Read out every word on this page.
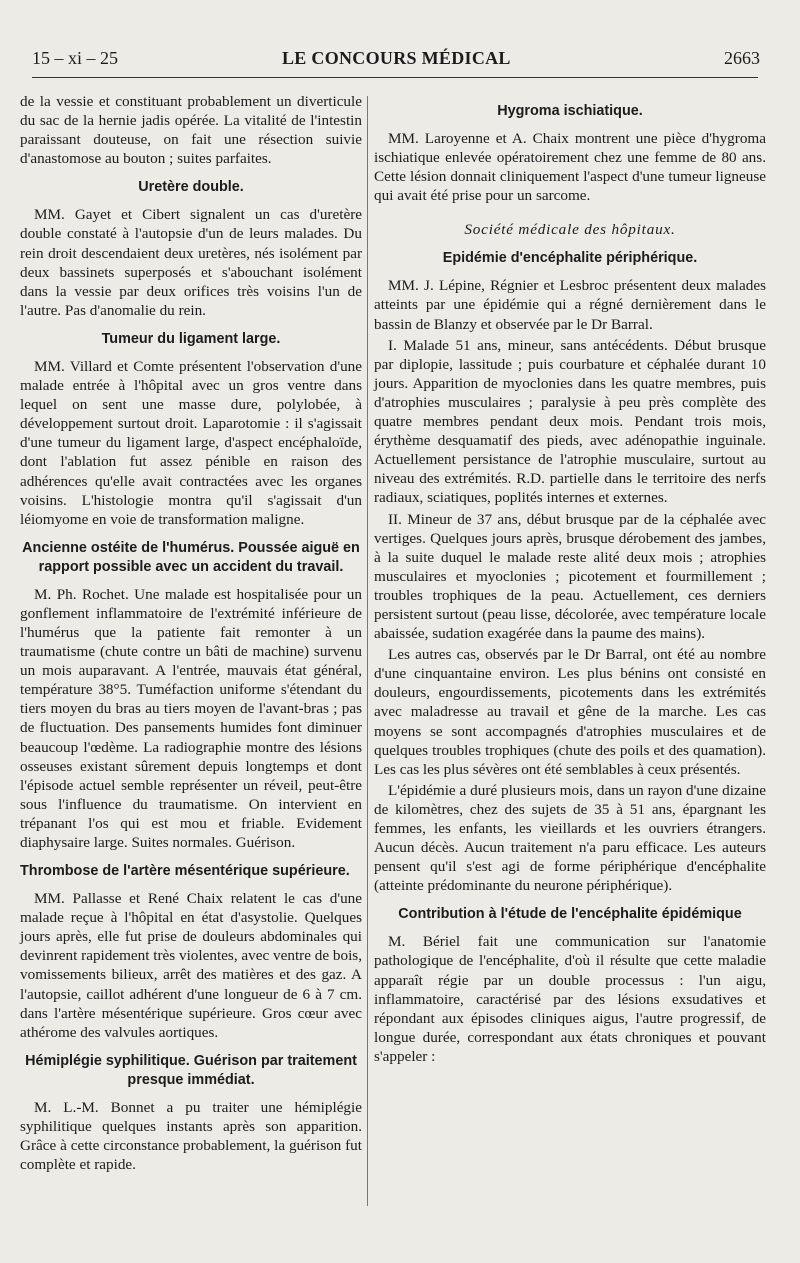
15 – xi – 25	LE CONCOURS MÉDICAL	2663

de la vessie et constituant probablement un diverticule du sac de la hernie jadis opérée. La vitalité de l'intestin paraissant douteuse, on fait une résection suivie d'anastomose au bouton ; suites parfaites.

Uretère double.

MM. Gayet et Cibert signalent un cas d'uretère double constaté à l'autopsie d'un de leurs malades. Du rein droit descendaient deux uretères, nés isolément par deux bassinets superposés et s'abouchant isolément dans la vessie par deux orifices très voisins l'un de l'autre. Pas d'anomalie du rein.

Tumeur du ligament large.

MM. Villard et Comte présentent l'observation d'une malade entrée à l'hôpital avec un gros ventre dans lequel on sent une masse dure, polylobée, à développement surtout droit. Laparotomie : il s'agissait d'une tumeur du ligament large, d'aspect encéphaloïde, dont l'ablation fut assez pénible en raison des adhérences qu'elle avait contractées avec les organes voisins. L'histologie montra qu'il s'agissait d'un léiomyome en voie de transformation maligne.

Ancienne ostéite de l'humérus. Poussée aiguë en rapport possible avec un accident du travail.

M. Ph. Rochet. Une malade est hospitalisée pour un gonflement inflammatoire de l'extrémité inférieure de l'humérus que la patiente fait remonter à un traumatisme (chute contre un bâti de machine) survenu un mois auparavant. A l'entrée, mauvais état général, température 38°5. Tuméfaction uniforme s'étendant du tiers moyen du bras au tiers moyen de l'avant-bras ; pas de fluctuation. Des pansements humides font diminuer beaucoup l'œdème. La radiographie montre des lésions osseuses existant sûrement depuis longtemps et dont l'épisode actuel semble représenter un réveil, peut-être sous l'influence du traumatisme. On intervient en trépanant l'os qui est mou et friable. Evidement diaphysaire large. Suites normales. Guérison.

Thrombose de l'artère mésentérique supérieure.

MM. Pallasse et René Chaix relatent le cas d'une malade reçue à l'hôpital en état d'asystolie. Quelques jours après, elle fut prise de douleurs abdominales qui devinrent rapidement très violentes, avec ventre de bois, vomissements bilieux, arrêt des matières et des gaz. A l'autopsie, caillot adhérent d'une longueur de 6 à 7 cm. dans l'artère mésentérique supérieure. Gros cœur avec athérome des valvules aortiques.

Hémiplégie syphilitique. Guérison par traitement presque immédiat.

M. L.-M. Bonnet a pu traiter une hémiplégie syphilitique quelques instants après son apparition. Grâce à cette circonstance probablement, la guérison fut complète et rapide.

Hygroma ischiatique.

MM. Laroyenne et A. Chaix montrent une pièce d'hygroma ischiatique enlevée opératoirement chez une femme de 80 ans. Cette lésion donnait cliniquement l'aspect d'une tumeur ligneuse qui avait été prise pour un sarcome.

Société médicale des hôpitaux.
Epidémie d'encéphalite périphérique.

MM. J. Lépine, Régnier et Lesbroc présentent deux malades atteints par une épidémie qui a régné dernièrement dans le bassin de Blanzy et observée par le Dr Barral.

I. Malade 51 ans, mineur, sans antécédents. Début brusque par diplopie, lassitude ; puis courbature et céphalée durant 10 jours. Apparition de myoclonies dans les quatre membres, puis d'atrophies musculaires ; paralysie à peu près complète des quatre membres pendant deux mois. Pendant trois mois, érythème desquamatif des pieds, avec adénopathie inguinale. Actuellement persistance de l'atrophie musculaire, surtout au niveau des extrémités. R.D. partielle dans le territoire des nerfs radiaux, sciatiques, poplités internes et externes.

II. Mineur de 37 ans, début brusque par de la céphalée avec vertiges. Quelques jours après, brusque dérobement des jambes, à la suite duquel le malade reste alité deux mois ; atrophies musculaires et myoclonies ; picotement et fourmillement ; troubles trophiques de la peau. Actuellement, ces derniers persistent surtout (peau lisse, décolorée, avec température locale abaissée, sudation exagérée dans la paume des mains).

Les autres cas, observés par le Dr Barral, ont été au nombre d'une cinquantaine environ. Les plus bénins ont consisté en douleurs, engourdissements, picotements dans les extrémités avec maladresse au travail et gêne de la marche. Les cas moyens se sont accompagnés d'atrophies musculaires et de quelques troubles trophiques (chute des poils et des quamation). Les cas les plus sévères ont été semblables à ceux présentés.

L'épidémie a duré plusieurs mois, dans un rayon d'une dizaine de kilomètres, chez des sujets de 35 à 51 ans, épargnant les femmes, les enfants, les vieillards et les ouvriers étrangers. Aucun décès. Aucun traitement n'a paru efficace. Les auteurs pensent qu'il s'est agi de forme périphérique d'encéphalite (atteinte prédominante du neurone périphérique).

Contribution à l'étude de l'encéphalite épidémique

M. Bériel fait une communication sur l'anatomie pathologique de l'encéphalite, d'où il résulte que cette maladie apparaît régie par un double processus : l'un aigu, inflammatoire, caractérisé par des lésions exsudatives et répondant aux épisodes cliniques aigus, l'autre progressif, de longue durée, correspondant aux états chroniques et pouvant s'appeler :
